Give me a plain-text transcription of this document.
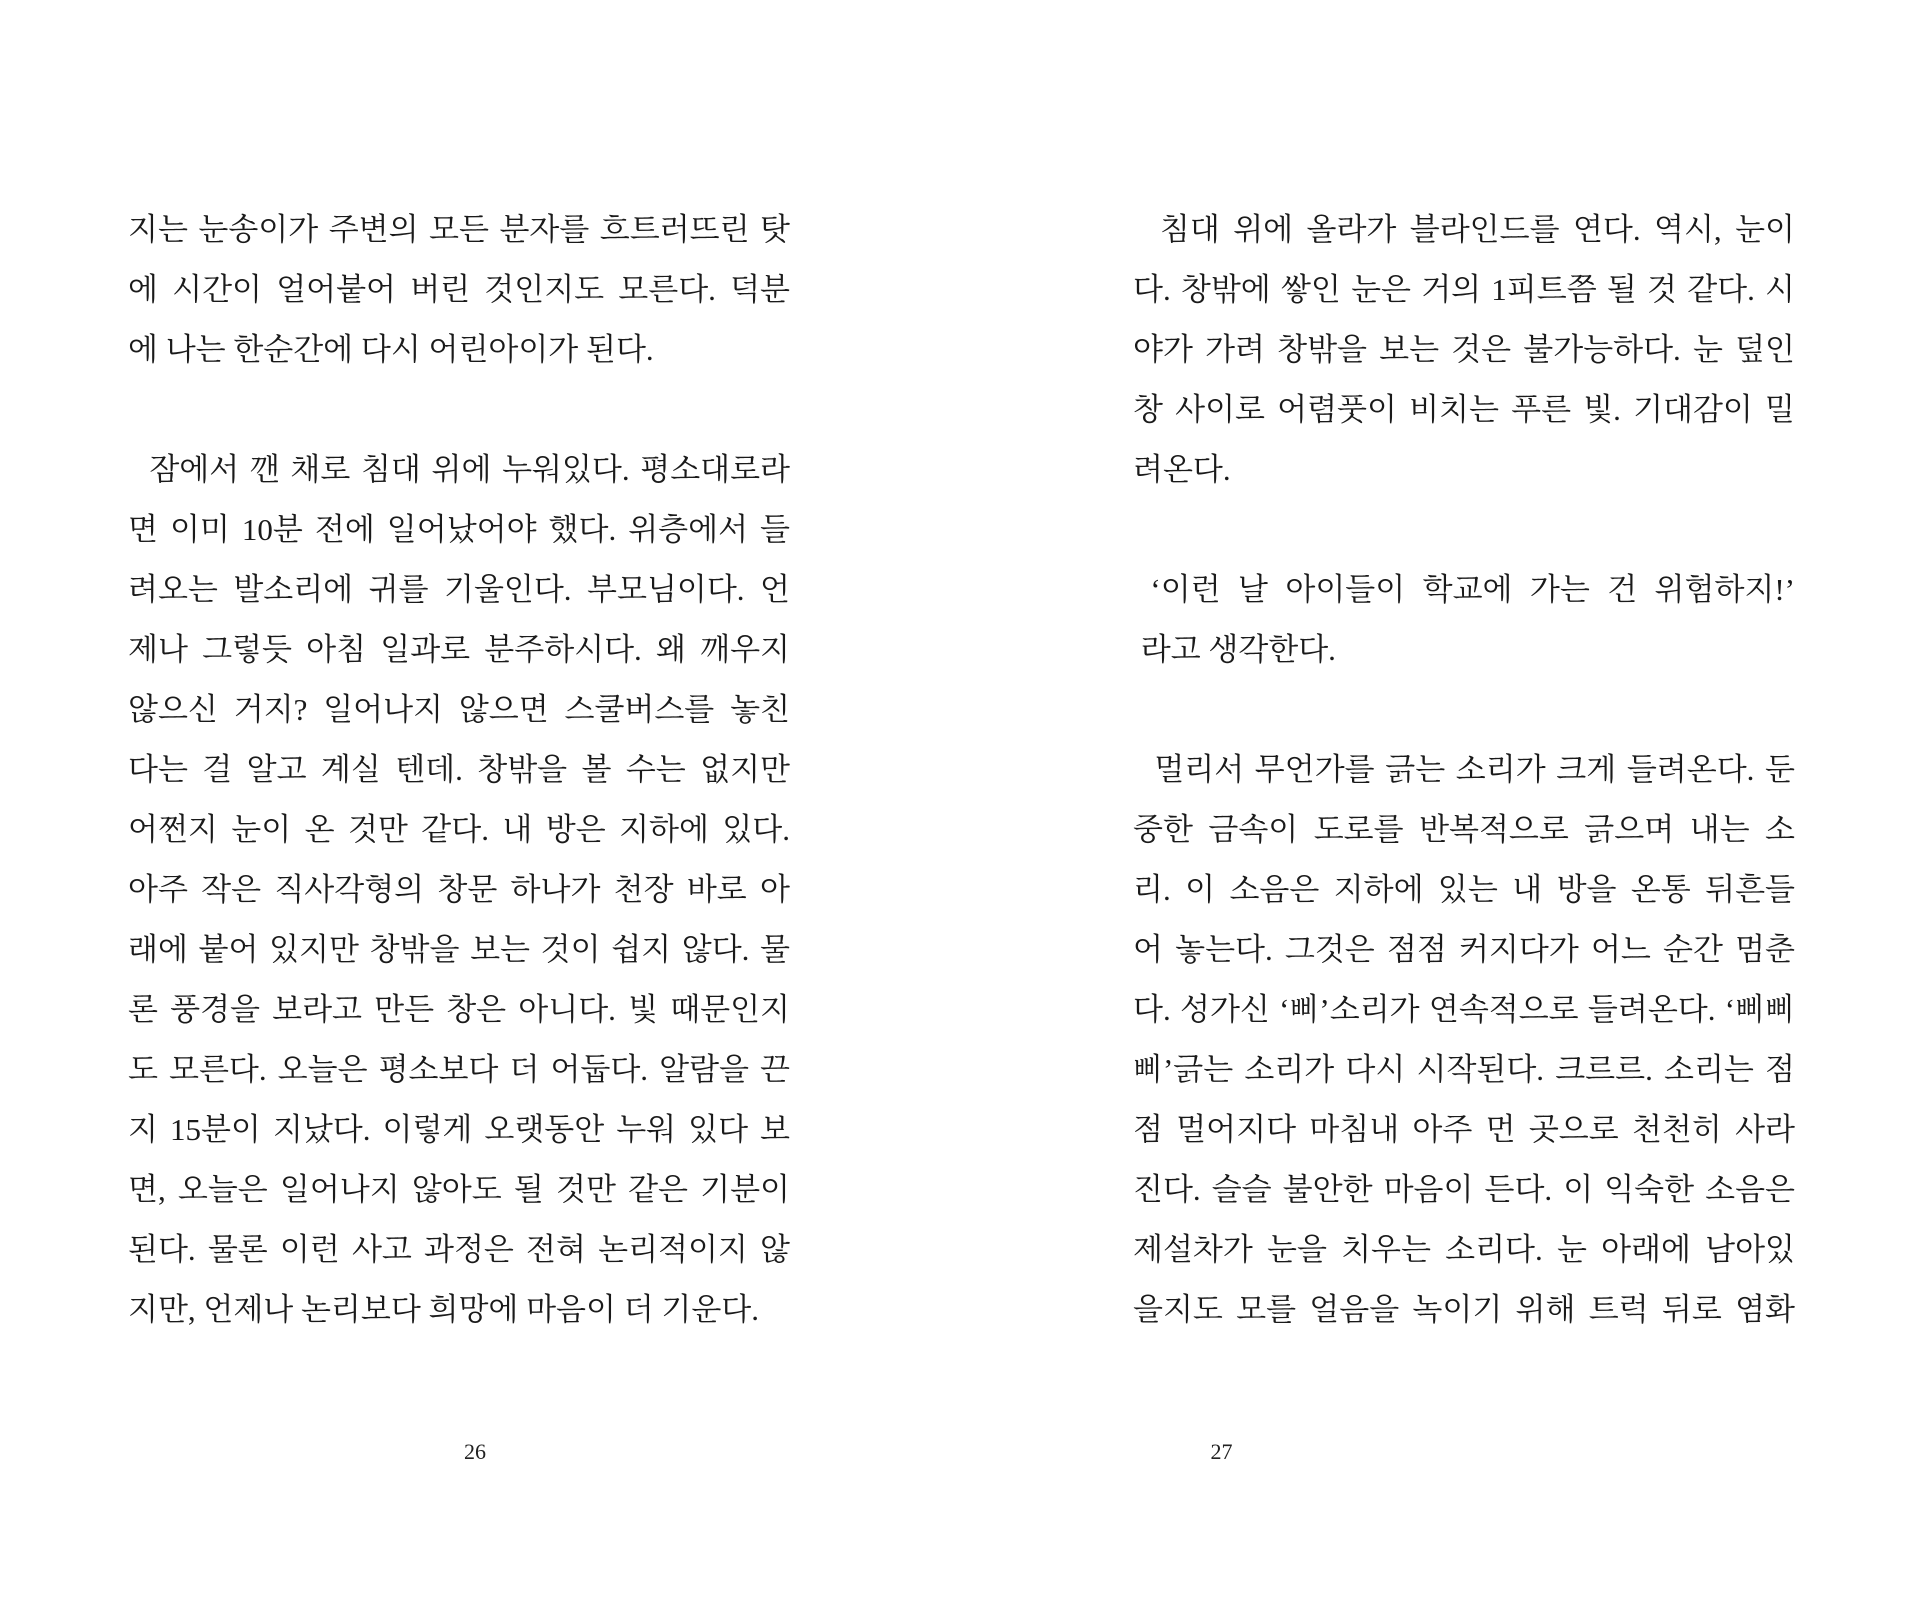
지는 눈송이가 주변의 모든 분자를 흐트러뜨린 탓
에 시간이 얼어붙어 버린 것인지도 모른다. 덕분
에 나는 한순간에 다시 어린아이가 된다.
잠에서 깬 채로 침대 위에 누워있다. 평소대로라
면 이미 10분 전에 일어났어야 했다. 위층에서 들
려오는 발소리에 귀를 기울인다. 부모님이다. 언
제나 그렇듯 아침 일과로 분주하시다. 왜 깨우지
않으신 거지? 일어나지 않으면 스쿨버스를 놓친
다는 걸 알고 계실 텐데. 창밖을 볼 수는 없지만
어쩐지 눈이 온 것만 같다. 내 방은 지하에 있다.
아주 작은 직사각형의 창문 하나가 천장 바로 아
래에 붙어 있지만 창밖을 보는 것이 쉽지 않다. 물
론 풍경을 보라고 만든 창은 아니다. 빛 때문인지
도 모른다. 오늘은 평소보다 더 어둡다. 알람을 끈
지 15분이 지났다. 이렇게 오랫동안 누워 있다 보
면, 오늘은 일어나지 않아도 될 것만 같은 기분이
된다. 물론 이런 사고 과정은 전혀 논리적이지 않
지만, 언제나 논리보다 희망에 마음이 더 기운다.
26
침대 위에 올라가 블라인드를 연다. 역시, 눈이
다. 창밖에 쌓인 눈은 거의 1피트쯤 될 것 같다. 시
야가 가려 창밖을 보는 것은 불가능하다. 눈 덮인
창 사이로 어렴풋이 비치는 푸른 빛. 기대감이 밀
려온다.
‘이런 날 아이들이 학교에 가는 건 위험하지!’
라고 생각한다.
멀리서 무언가를 긁는 소리가 크게 들려온다. 둔
중한 금속이 도로를 반복적으로 긁으며 내는 소
리. 이 소음은 지하에 있는 내 방을 온통 뒤흔들
어 놓는다. 그것은 점점 커지다가 어느 순간 멈춘
다. 성가신 ‘삐’소리가 연속적으로 들려온다. ‘삐삐
삐’긁는 소리가 다시 시작된다. 크르르. 소리는 점
점 멀어지다 마침내 아주 먼 곳으로 천천히 사라
진다. 슬슬 불안한 마음이 든다. 이 익숙한 소음은
제설차가 눈을 치우는 소리다. 눈 아래에 남아있
을지도 모를 얼음을 녹이기 위해 트럭 뒤로 염화
27
